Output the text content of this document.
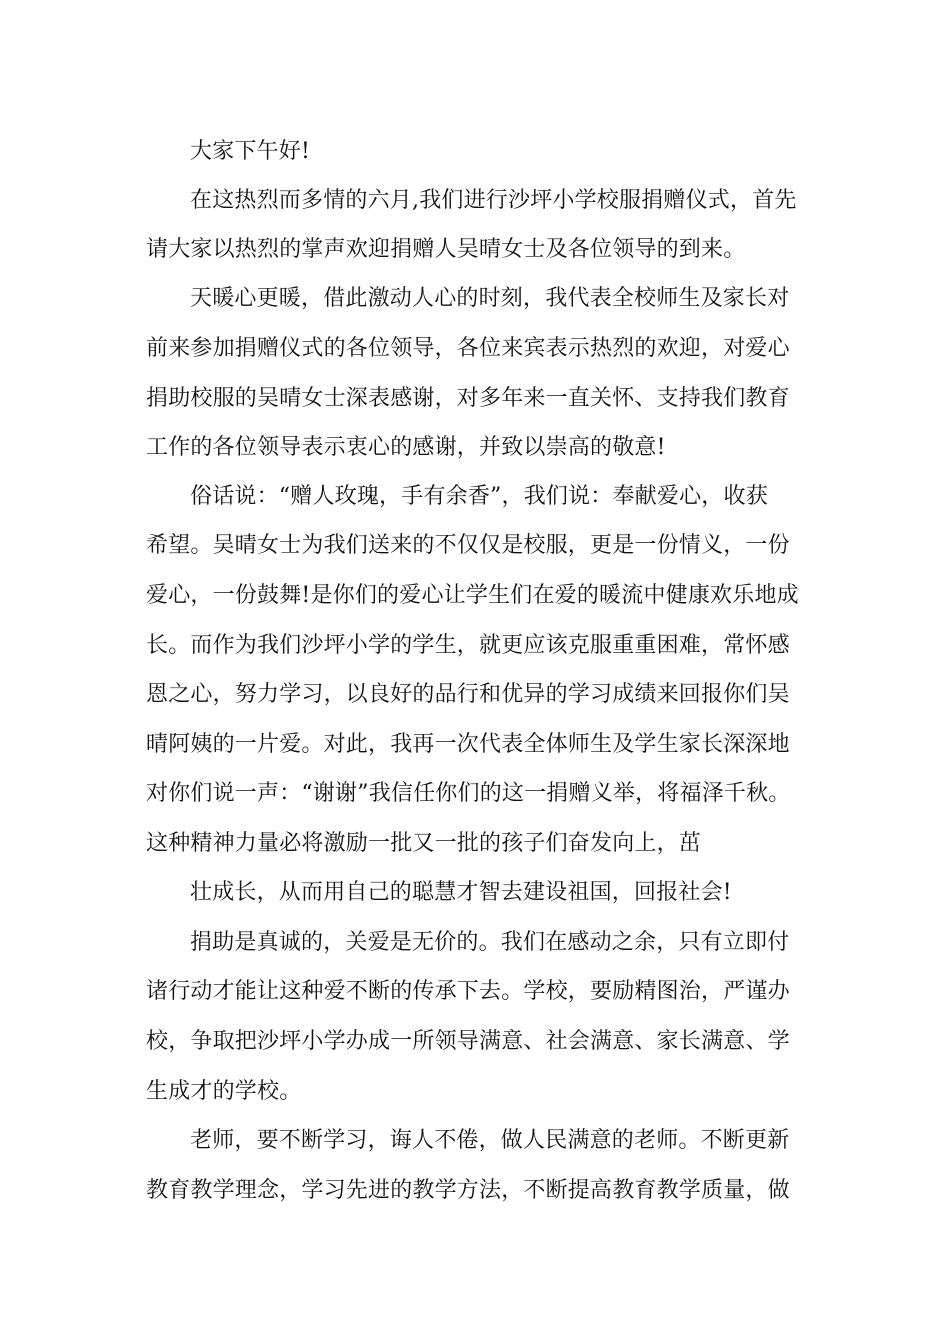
大家下午好!

在这热烈而多情的六月,我们进行沙坪小学校服捐赠仪式，首先

请大家以热烈的掌声欢迎捐赠人吴晴女士及各位领导的到来。

天暖心更暖，借此激动人心的时刻，我代表全校师生及家长对

前来参加捐赠仪式的各位领导，各位来宾表示热烈的欢迎，对爱心

捐助校服的吴晴女士深表感谢，对多年来一直关怀、支持我们教育

工作的各位领导表示衷心的感谢，并致以崇高的敬意!

俗话说：“赠人玫瑰，手有余香”，我们说：奉献爱心，收获

希望。吴晴女士为我们送来的不仅仅是校服，更是一份情义，一份

爱心，一份鼓舞!是你们的爱心让学生们在爱的暖流中健康欢乐地成

长。而作为我们沙坪小学的学生，就更应该克服重重困难，常怀感

恩之心，努力学习，以良好的品行和优异的学习成绩来回报你们吴

晴阿姨的一片爱。对此，我再一次代表全体师生及学生家长深深地

对你们说一声：“谢谢”我信任你们的这一捐赠义举，将福泽千秋。

这种精神力量必将激励一批又一批的孩子们奋发向上，茁

壮成长，从而用自己的聪慧才智去建设祖国，回报社会!

捐助是真诚的，关爱是无价的。我们在感动之余，只有立即付

诸行动才能让这种爱不断的传承下去。学校，要励精图治，严谨办

校，争取把沙坪小学办成一所领导满意、社会满意、家长满意、学

生成才的学校。

老师，要不断学习，诲人不倦，做人民满意的老师。不断更新

教育教学理念，学习先进的教学方法，不断提高教育教学质量，做
